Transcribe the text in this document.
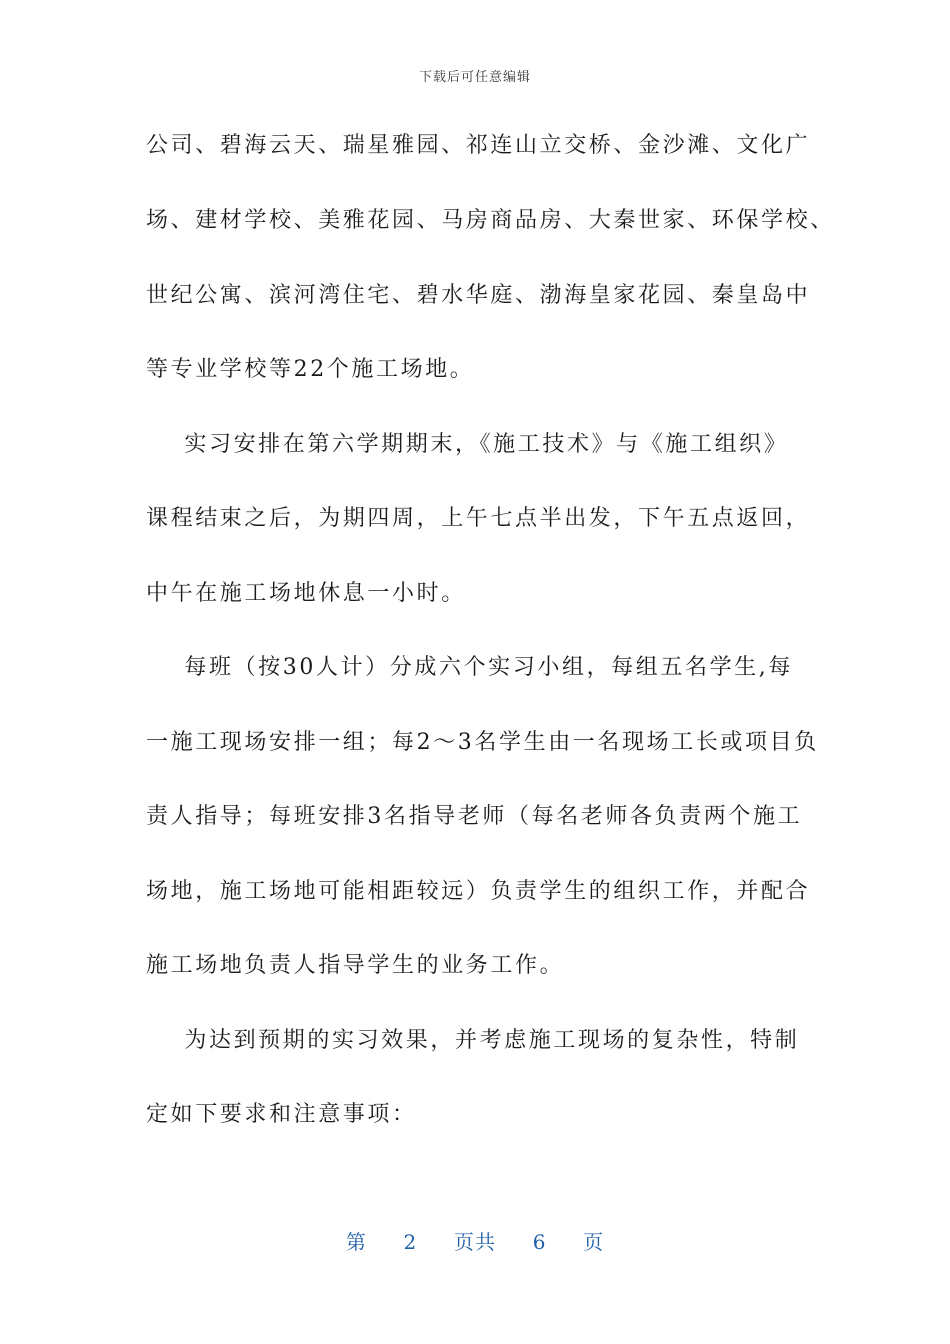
下载后可任意编辑
公司、碧海云天、瑞星雅园、祁连山立交桥、金沙滩、文化广
场、建材学校、美雅花园、马房商品房、大秦世家、环保学校、
世纪公寓、滨河湾住宅、碧水华庭、渤海皇家花园、秦皇岛中
等专业学校等22个施工场地。
实习安排在第六学期期末，《施工技术》与《施工组织》
课程结束之后，为期四周，上午七点半出发，下午五点返回，
中午在施工场地休息一小时。
每班（按30人计）分成六个实习小组，每组五名学生,每
一施工现场安排一组；每2～3名学生由一名现场工长或项目负
责人指导；每班安排3名指导老师（每名老师各负责两个施工
场地，施工场地可能相距较远）负责学生的组织工作，并配合
施工场地负责人指导学生的业务工作。
为达到预期的实习效果，并考虑施工现场的复杂性，特制
定如下要求和注意事项：
第 2 页共 6 页
